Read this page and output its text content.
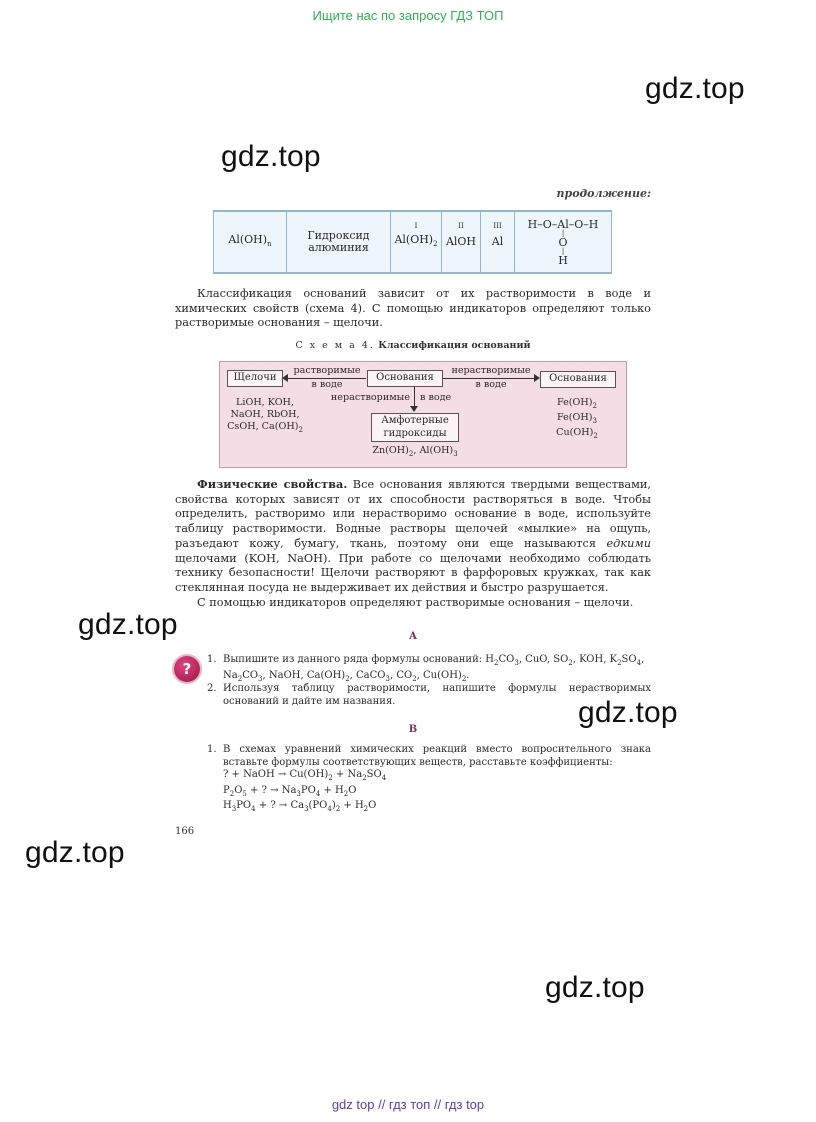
Ищите нас по запросу ГДЗ ТОП
gdz.top
gdz.top
gdz.top
gdz.top
gdz.top
gdz.top
продолжение:
$Al(OH)_n$
Гидроксид алюминия
I
$Al(OH)_2$
II
AlOH
III
Al
H–O–Al–O–H
|
O
|
H

Классификация оснований зависит от их растворимости в воде и химических свойств (схема 4). С помощью индикаторов определяют только растворимые основания – щелочи.

С х е м а 4. Классификация оснований
Щелочи	Основания	Основания
растворимые
в воде
нерастворимые
в воде
нерастворимые в воде
Амфотерные
гидроксиды
LiOH, KOH,
NaOH, RbOH,
CsOH, $Ca(OH)_2$
$Fe(OH)_2$
$Fe(OH)_3$
$Cu(OH)_2$
$Zn(OH)_2$, $Al(OH)_3$

Физические свойства. Все основания являются твердыми веществами, свойства которых зависят от их способности растворяться в воде. Чтобы определить, растворимо или нерастворимо основание в воде, используйте таблицу растворимости. Водные растворы щелочей «мылкие» на ощупь, разъедают кожу, бумагу, ткань, поэтому они еще называются едкими щелочами (KOH, NaOH). При работе со щелочами необходимо соблюдать технику безопасности! Щелочи растворяют в фарфоровых кружках, так как стеклянная посуда не выдерживает их действия и быстро разрушается.

С помощью индикаторов определяют растворимые основания – щелочи.

A
?
1. Выпишите из данного ряда формулы оснований: $H_2CO_3$, CuO, $SO_2$, KOH, $K_2SO_4$,
$Na_2CO_3$, NaOH, $Ca(OH)_2$, CaCO$_3$, $CO_2$, $Cu(OH)_2$.
2. Используя таблицу растворимости, напишите формулы нерастворимых оснований и дайте им названия.
B
1. В схемах уравнений химических реакций вместо вопросительного знака вставьте формулы соответствующих веществ, расставьте коэффициенты:
? + NaOH → $Cu(OH)_2 + Na_2SO_4$
$P_2O_5$ + ? → $Na_3PO_4 + H_2O$
$H_3PO_4$ + ? → $Ca_3(PO_4)_2 + H_2O$
166
gdz top // гдз топ // гдз top
